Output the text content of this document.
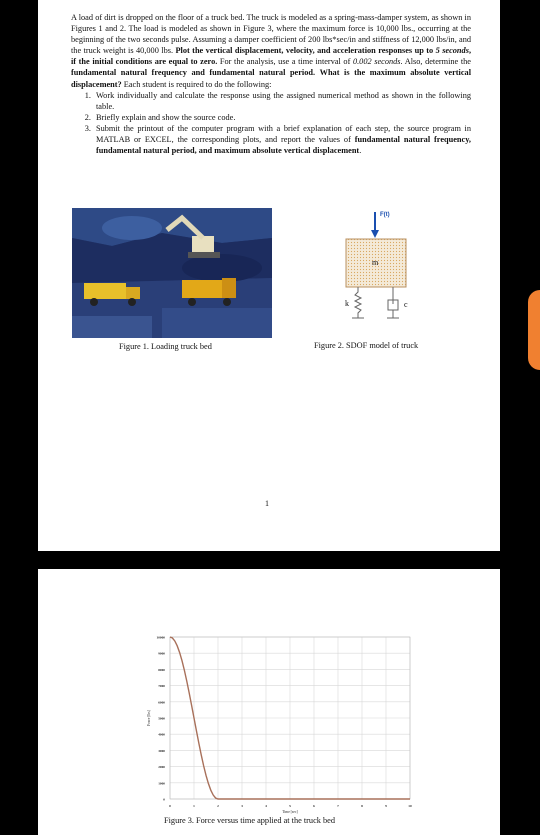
A load of dirt is dropped on the floor of a truck bed. The truck is modeled as a spring-mass-damper system, as shown in Figures 1 and 2. The load is modeled as shown in Figure 3, where the maximum force is 10,000 lbs., occurring at the beginning of the two seconds pulse. Assuming a damper coefficient of 200 lbs*sec/in and stiffness of 12,000 lbs/in, and the truck weight is 40,000 lbs. Plot the vertical displacement, velocity, and acceleration responses up to 5 seconds, if the initial conditions are equal to zero. For the analysis, use a time interval of 0.002 seconds. Also, determine the fundamental natural frequency and fundamental natural period. What is the maximum absolute vertical displacement? Each student is required to do the following:
1. Work individually and calculate the response using the assigned numerical method as shown in the following table.
2. Briefly explain and show the source code.
3. Submit the printout of the computer program with a brief explanation of each step, the source program in MATLAB or EXCEL, the corresponding plots, and report the values of fundamental natural frequency, fundamental natural period, and maximum absolute vertical displacement.
Figure 1. Loading truck bed
F(t)
m
k	c
Figure 2. SDOF model of truck
1
0
1000
2000
3000
4000
5000
6000
7000
8000
9000
10000
0	1	2	3	4	5	6	7	8	9	10
Time [sec]
Force [lbs]
Figure 3. Force versus time applied at the truck bed
